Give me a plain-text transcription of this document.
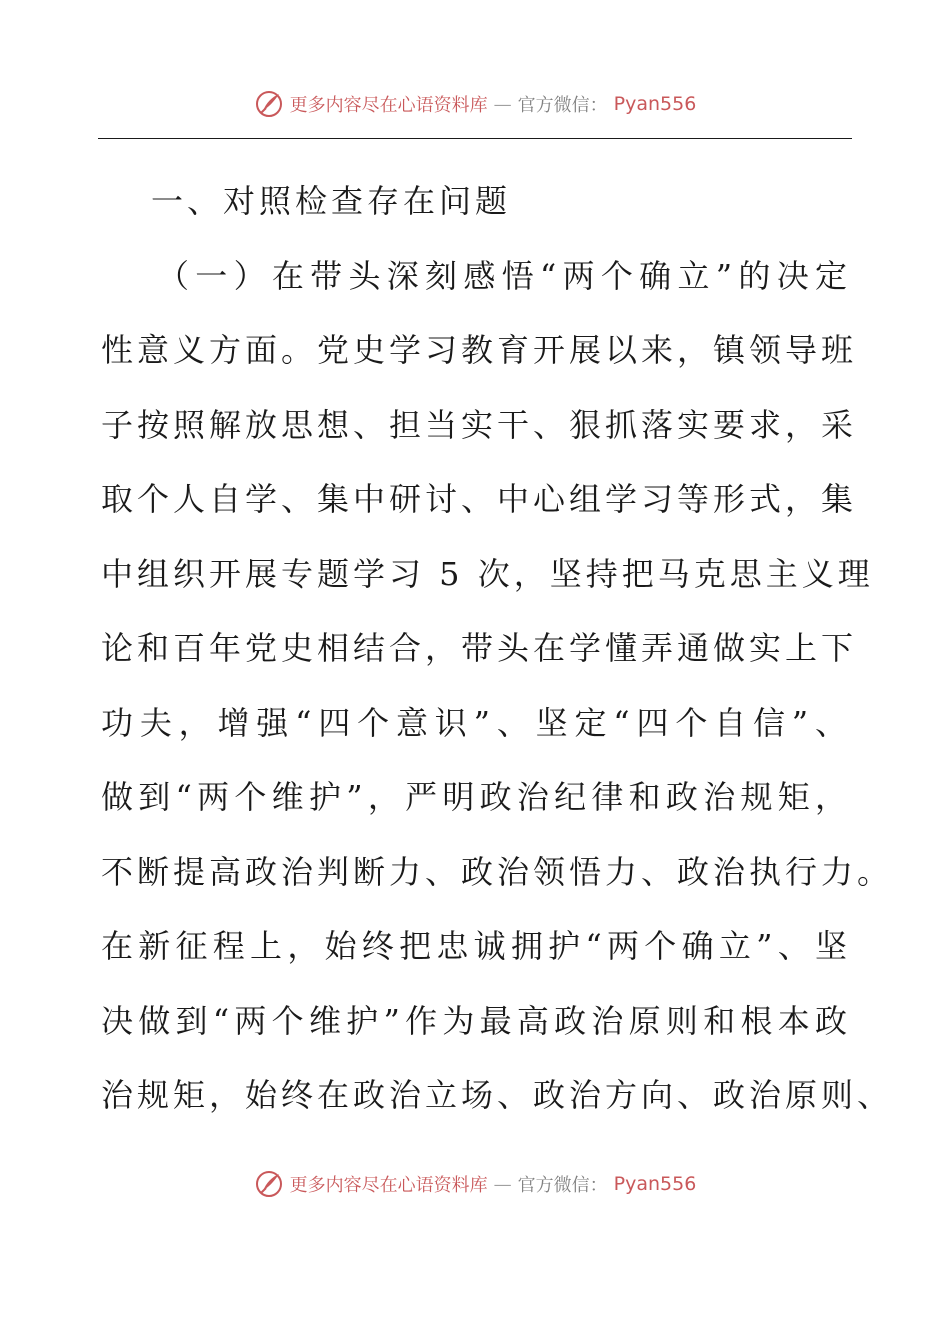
更多内容尽在心语资料库 — 官方微信： Pyan556
一、对照检查存在问题
（一）在带头深刻感悟“两个确立”的决定
性意义方面。党史学习教育开展以来，镇领导班
子按照解放思想、担当实干、狠抓落实要求，采
取个人自学、集中研讨、中心组学习等形式，集
中组织开展专题学习 5 次，坚持把马克思主义理
论和百年党史相结合，带头在学懂弄通做实上下
功夫，增强“四个意识”、坚定“四个自信”、
做到“两个维护”，严明政治纪律和政治规矩，
不断提高政治判断力、政治领悟力、政治执行力。
在新征程上，始终把忠诚拥护“两个确立”、坚
决做到“两个维护”作为最高政治原则和根本政
治规矩，始终在政治立场、政治方向、政治原则、
更多内容尽在心语资料库 — 官方微信： Pyan556
